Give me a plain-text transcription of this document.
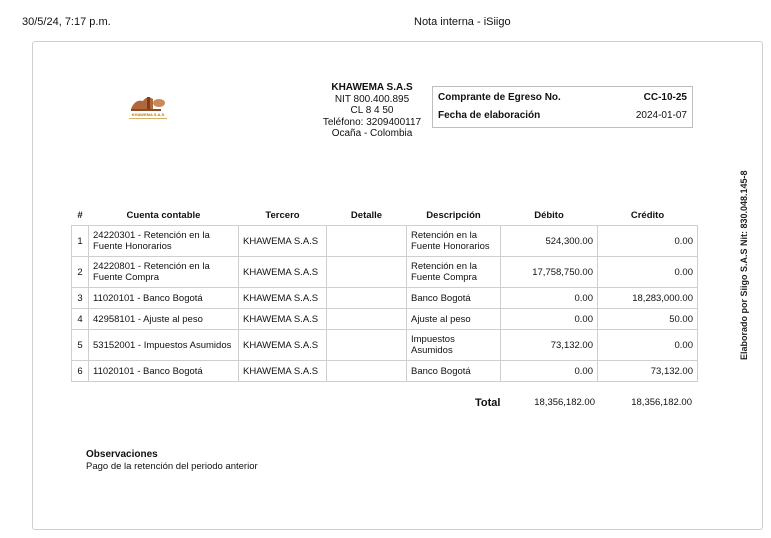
30/5/24, 7:17 p.m.	Nota interna - iSiigo
KHAWEMA S.A.S
KHAWEMA S.A.S
NIT 800.400.895
CL 8 4 50
Teléfono: 3209400117
Ocaña - Colombia
Comprante de Egreso No.	CC-10-25
Fecha de elaboración	2024-01-07
Elaborado por Siigo S.A.S Nit: 830.048.145-8
#	Cuenta contable	Tercero	Detalle	Descripción	Débito	Crédito
1	24220301 - Retención en la Fuente Honorarios	KHAWEMA S.A.S		Retención en la Fuente Honorarios	524,300.00	0.00
2	24220801 - Retención en la Fuente Compra	KHAWEMA S.A.S		Retención en la Fuente Compra	17,758,750.00	0.00
3	11020101 - Banco Bogotá	KHAWEMA S.A.S		Banco Bogotá	0.00	18,283,000.00
4	42958101 - Ajuste al peso	KHAWEMA S.A.S		Ajuste al peso	0.00	50.00
5	53152001 - Impuestos Asumidos	KHAWEMA S.A.S		Impuestos Asumidos	73,132.00	0.00
6	11020101 - Banco Bogotá	KHAWEMA S.A.S		Banco Bogotá	0.00	73,132.00
Total	18,356,182.00	18,356,182.00
Observaciones
Pago de la retención del periodo anterior
